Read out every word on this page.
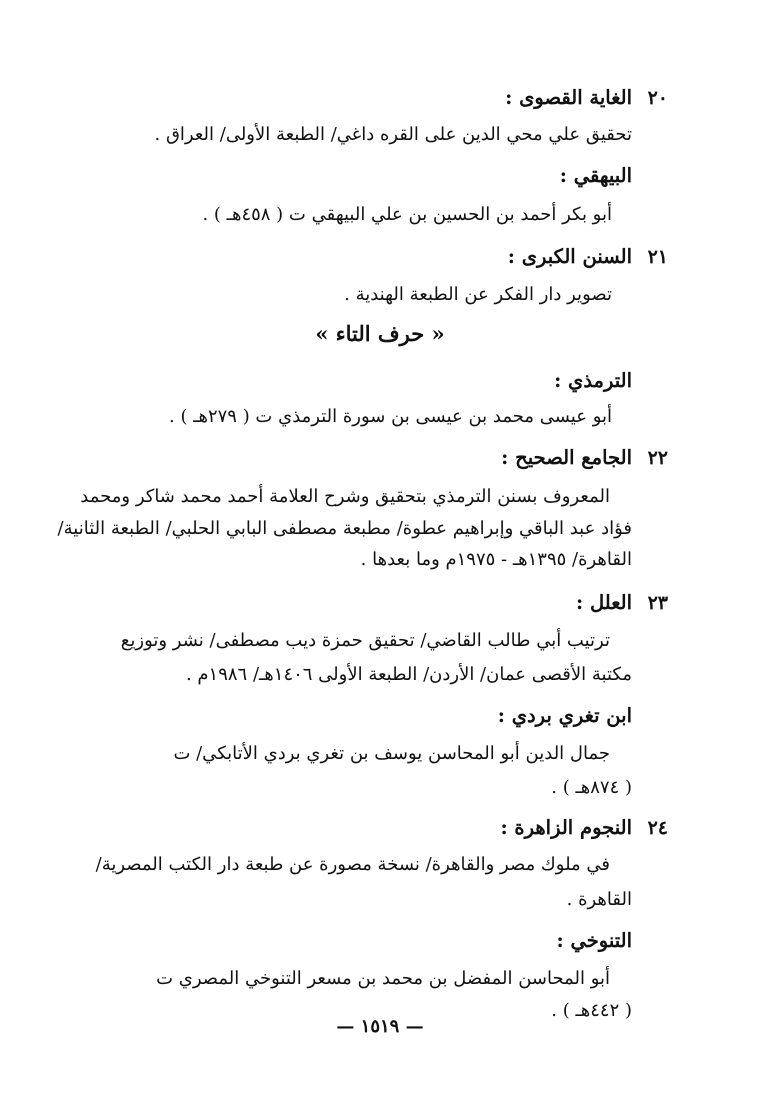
٢٠
الغاية القصوى :
تحقيق علي محي الدين على القره داغي/ الطبعة الأولى/ العراق .
البيهقي :
أبو بكر أحمد بن الحسين بن علي البيهقي ت ( ٤٥٨هـ ) .
٢١
السنن الكبرى :
تصوير دار الفكر عن الطبعة الهندية .
« حرف التاء »
الترمذي :
أبو عيسى محمد بن عيسى بن سورة الترمذي ت ( ٢٧٩هـ ) .
٢٢
الجامع الصحيح :
المعروف بسنن الترمذي بتحقيق وشرح العلامة أحمد محمد شاكر ومحمد
فؤاد عبد الباقي وإبراهيم عطوة/ مطبعة مصطفى البابي الحلبي/ الطبعة الثانية/
القاهرة/ ١٣٩٥هـ - ١٩٧٥م وما بعدها .
٢٣
العلل :
ترتيب أبي طالب القاضي/ تحقيق حمزة ديب مصطفى/ نشر وتوزيع
مكتبة الأقصى عمان/ الأردن/ الطبعة الأولى ١٤٠٦هـ/ ١٩٨٦م .
ابن تغري بردي :
جمال الدين أبو المحاسن يوسف بن تغري بردي الأتابكي/ ت
( ٨٧٤هـ ) .
٢٤
النجوم الزاهرة :
في ملوك مصر والقاهرة/ نسخة مصورة عن طبعة دار الكتب المصرية/
القاهرة .
التنوخي :
أبو المحاسن المفضل بن محمد بن مسعر التنوخي المصري ت
( ٤٤٢هـ ) .
— ١٥١٩ —
